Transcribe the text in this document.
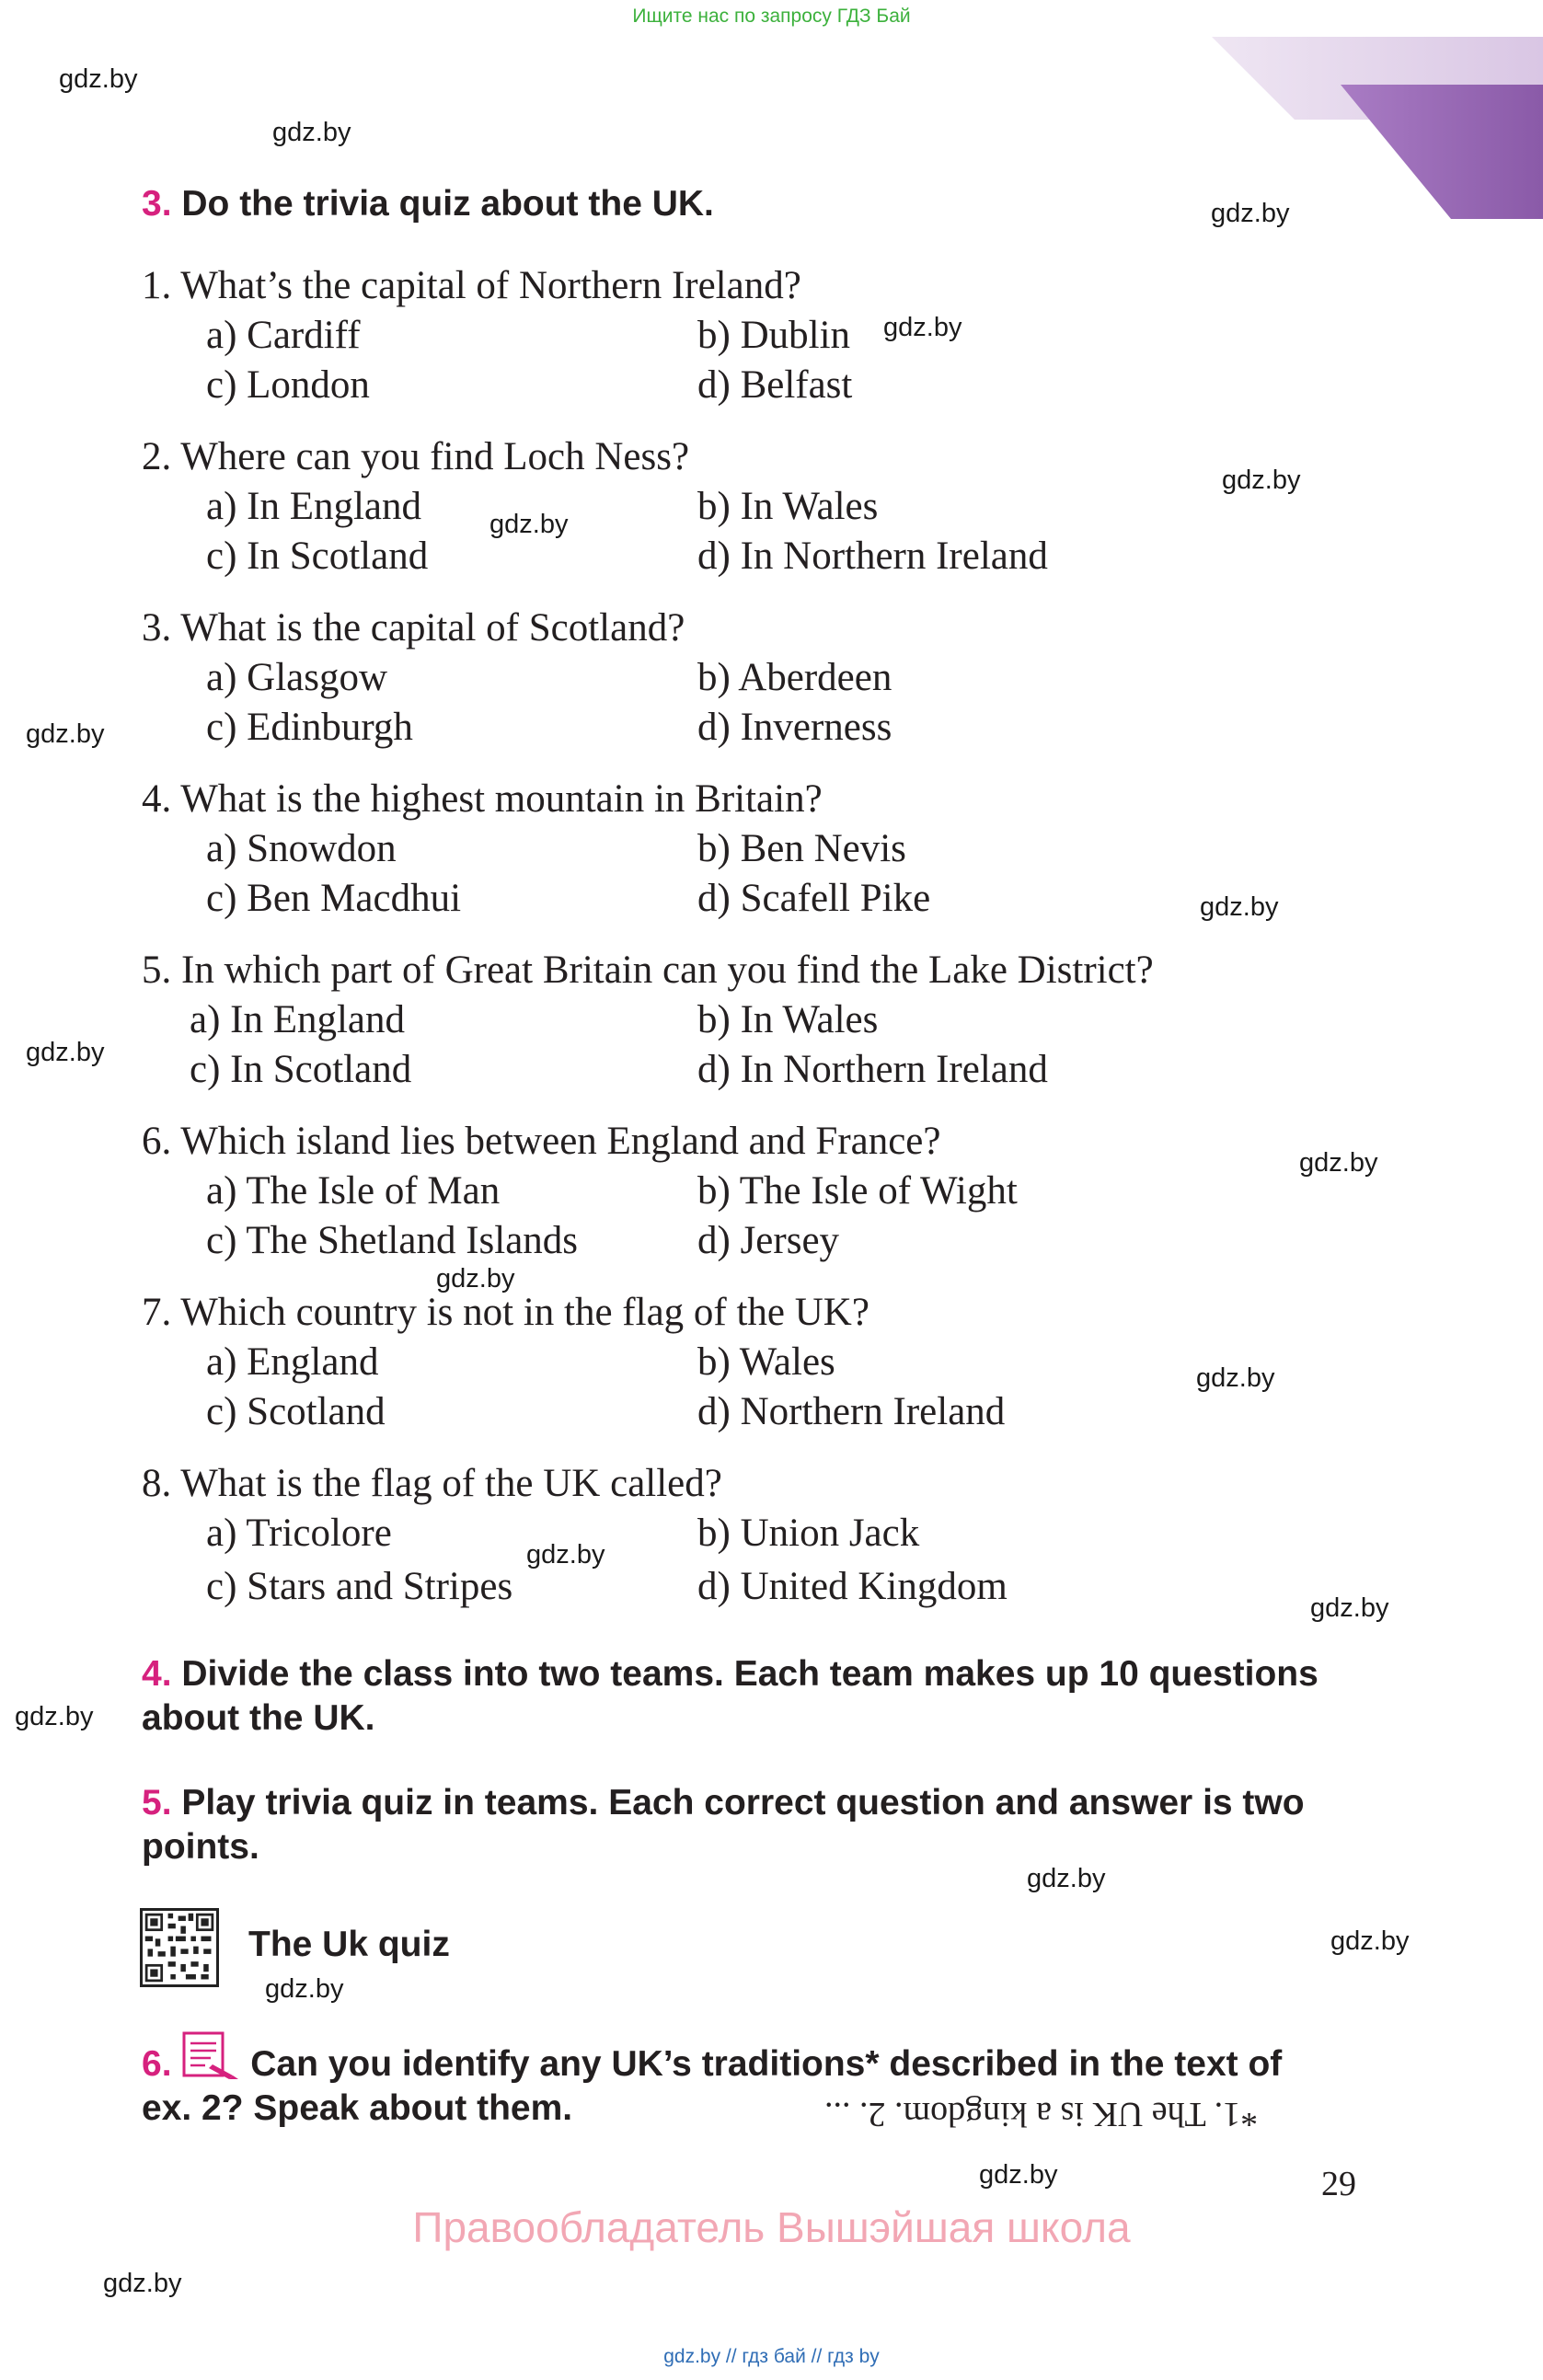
Ищите нас по запросу ГДЗ Бай
gdz.by
gdz.by
gdz.by
gdz.by
gdz.by
gdz.by
gdz.by
gdz.by
gdz.by
gdz.by
gdz.by
gdz.by
gdz.by
gdz.by
gdz.by
gdz.by
gdz.by
gdz.by
gdz.by
gdz.by
3. Do the trivia quiz about the UK.
1. What’s the capital of Northern Ireland?
a) Cardiff	b) Dublin
c) London	d) Belfast
2. Where can you find Loch Ness?
a) In England	b) In Wales
c) In Scotland	d) In Northern Ireland
3. What is the capital of Scotland?
a) Glasgow	b) Aberdeen
c) Edinburgh	d) Inverness
4. What is the highest mountain in Britain?
a) Snowdon	b) Ben Nevis
c) Ben Macdhui	d) Scafell Pike
5. In which part of Great Britain can you find the Lake District?
a) In England	b) In Wales
c) In Scotland	d) In Northern Ireland
6. Which island lies between England and France?
a) The Isle of Man	b) The Isle of Wight
c) The Shetland Islands	d) Jersey
7. Which country is not in the flag of the UK?
a) England	b) Wales
c) Scotland	d) Northern Ireland
8. What is the flag of the UK called?
a) Tricolore	b) Union Jack
c) Stars and Stripes	d) United Kingdom
4. Divide the class into two teams. Each team makes up 10 questions
about the UK.
5. Play trivia quiz in teams. Each correct question and answer is two
points.
The Uk quiz
6. Can you identify any UK’s traditions* described in the text of
ex. 2? Speak about them.	*1. The UK is a kingdom. 2. ...
29
Правообладатель Вышэйшая школа
gdz.by // гдз бай // гдз by
